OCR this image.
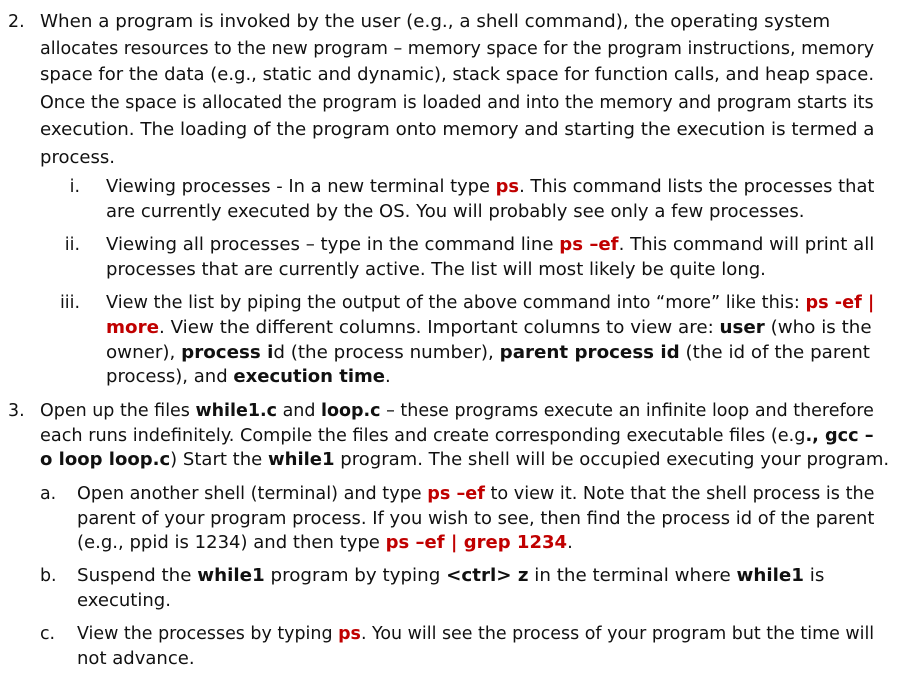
2. When a program is invoked by the user (e.g., a shell command), the operating system
allocates resources to the new program – memory space for the program instructions, memory
space for the data (e.g., static and dynamic), stack space for function calls, and heap space.
Once the space is allocated the program is loaded and into the memory and program starts its
execution. The loading of the program onto memory and starting the execution is termed a
process.
i. Viewing processes - In a new terminal type ps. This command lists the processes that
are currently executed by the OS. You will probably see only a few processes.
ii. Viewing all processes – type in the command line ps –ef. This command will print all
processes that are currently active. The list will most likely be quite long.
iii. View the list by piping the output of the above command into “more” like this: ps -ef |
more. View the different columns. Important columns to view are: user (who is the
owner), process id (the process number), parent process id (the id of the parent
process), and execution time.
3. Open up the files while1.c and loop.c – these programs execute an infinite loop and therefore
each runs indefinitely. Compile the files and create corresponding executable files (e.g., gcc –
o loop loop.c) Start the while1 program. The shell will be occupied executing your program.
a. Open another shell (terminal) and type ps –ef to view it. Note that the shell process is the
parent of your program process. If you wish to see, then find the process id of the parent
(e.g., ppid is 1234) and then type ps –ef | grep 1234.
b. Suspend the while1 program by typing <ctrl> z in the terminal where while1 is
executing.
c. View the processes by typing ps. You will see the process of your program but the time will
not advance.
